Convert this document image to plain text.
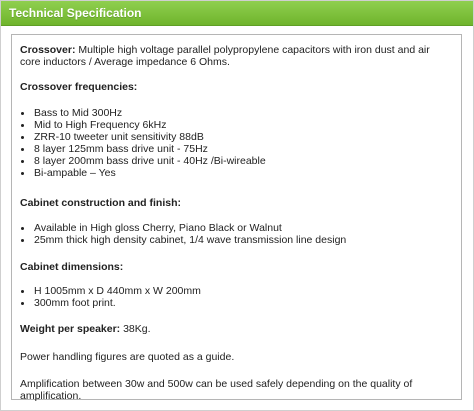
Technical Specification

Crossover: Multiple high voltage parallel polypropylene capacitors with iron dust and air core inductors / Average impedance 6 Ohms.

Crossover frequencies:

Bass to Mid 300Hz
Mid to High Frequency 6kHz
ZRR-10 tweeter unit sensitivity 88dB
8 layer 125mm bass drive unit - 75Hz
8 layer 200mm bass drive unit - 40Hz /Bi-wireable
Bi-ampable – Yes

Cabinet construction and finish:

Available in High gloss Cherry, Piano Black or Walnut
25mm thick high density cabinet, 1/4 wave transmission line design

Cabinet dimensions:

H 1005mm x D 440mm x W 200mm
300mm foot print.

Weight per speaker: 38Kg.

Power handling figures are quoted as a guide.

Amplification between 30w and 500w can be used safely depending on the quality of amplification.
